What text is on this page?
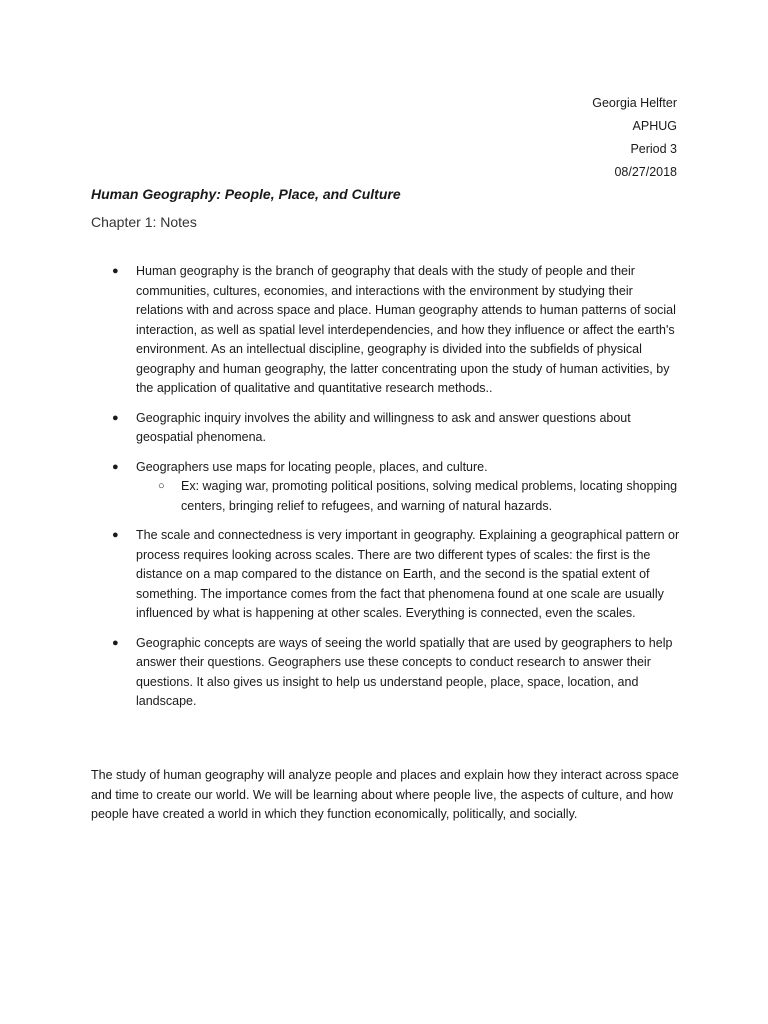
Georgia Helfter
APHUG
Period 3
08/27/2018
Human Geography: People, Place, and Culture
Chapter 1: Notes
● Human geography is the branch of geography that deals with the study of people and their communities, cultures, economies, and interactions with the environment by studying their relations with and across space and place. Human geography attends to human patterns of social interaction, as well as spatial level interdependencies, and how they influence or affect the earth's environment. As an intellectual discipline, geography is divided into the subfields of physical geography and human geography, the latter concentrating upon the study of human activities, by the application of qualitative and quantitative research methods..
● Geographic inquiry involves the ability and willingness to ask and answer questions about geospatial phenomena.
● Geographers use maps for locating people, places, and culture.
○ Ex: waging war, promoting political positions, solving medical problems, locating shopping centers, bringing relief to refugees, and warning of natural hazards.
● The scale and connectedness is very important in geography. Explaining a geographical pattern or process requires looking across scales. There are two different types of scales: the first is the distance on a map compared to the distance on Earth, and the second is the spatial extent of something. The importance comes from the fact that phenomena found at one scale are usually influenced by what is happening at other scales. Everything is connected, even the scales.
● Geographic concepts are ways of seeing the world spatially that are used by geographers to help answer their questions. Geographers use these concepts to conduct research to answer their questions. It also gives us insight to help us understand people, place, space, location, and landscape.

The study of human geography will analyze people and places and explain how they interact across space and time to create our world. We will be learning about where people live, the aspects of culture, and how people have created a world in which they function economically, politically, and socially.
